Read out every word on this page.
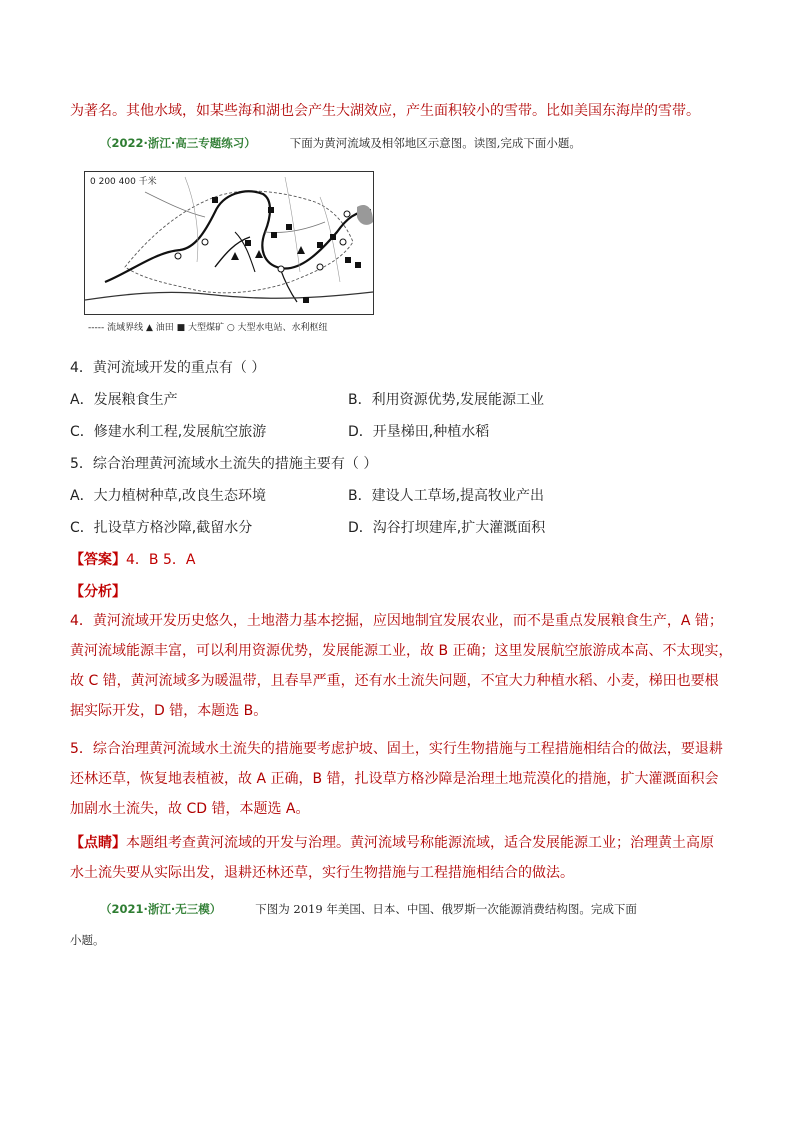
为著名。其他水域，如某些海和湖也会产生大湖效应，产生面积较小的雪带。比如美国东海岸的雪带。
（2022·浙江·高三专题练习）	下面为黄河流域及相邻地区示意图。读图,完成下面小题。
0 200 400 千米
----- 流域界线 ▲ 油田 ■ 大型煤矿 ○ 大型水电站、水利枢纽
4．黄河流域开发的重点有（ ）
A．发展粮食生产	B．利用资源优势,发展能源工业
C．修建水利工程,发展航空旅游	D．开垦梯田,种植水稻
5．综合治理黄河流域水土流失的措施主要有（ ）
A．大力植树种草,改良生态环境	B．建设人工草场,提高牧业产出
C．扎设草方格沙障,截留水分	D．沟谷打坝建库,扩大灌溉面积
【答案】4．B 5．A
【分析】
4．黄河流域开发历史悠久，土地潜力基本挖掘，应因地制宜发展农业，而不是重点发展粮食生产，A 错；
黄河流域能源丰富，可以利用资源优势，发展能源工业，故 B 正确；这里发展航空旅游成本高、不太现实，
故 C 错，黄河流域多为暖温带，且春旱严重，还有水土流失问题，不宜大力种植水稻、小麦，梯田也要根
据实际开发，D 错，本题选 B。
5．综合治理黄河流域水土流失的措施要考虑护坡、固土，实行生物措施与工程措施相结合的做法，要退耕
还林还草，恢复地表植被，故 A 正确，B 错，扎设草方格沙障是治理土地荒漠化的措施，扩大灌溉面积会
加剧水土流失，故 CD 错，本题选 A。
【点睛】本题组考查黄河流域的开发与治理。黄河流域号称能源流域，适合发展能源工业；治理黄土高原
水土流失要从实际出发，退耕还林还草，实行生物措施与工程措施相结合的做法。
（2021·浙江·无三模）	下图为 2019 年美国、日本、中国、俄罗斯一次能源消费结构图。完成下面
小题。
